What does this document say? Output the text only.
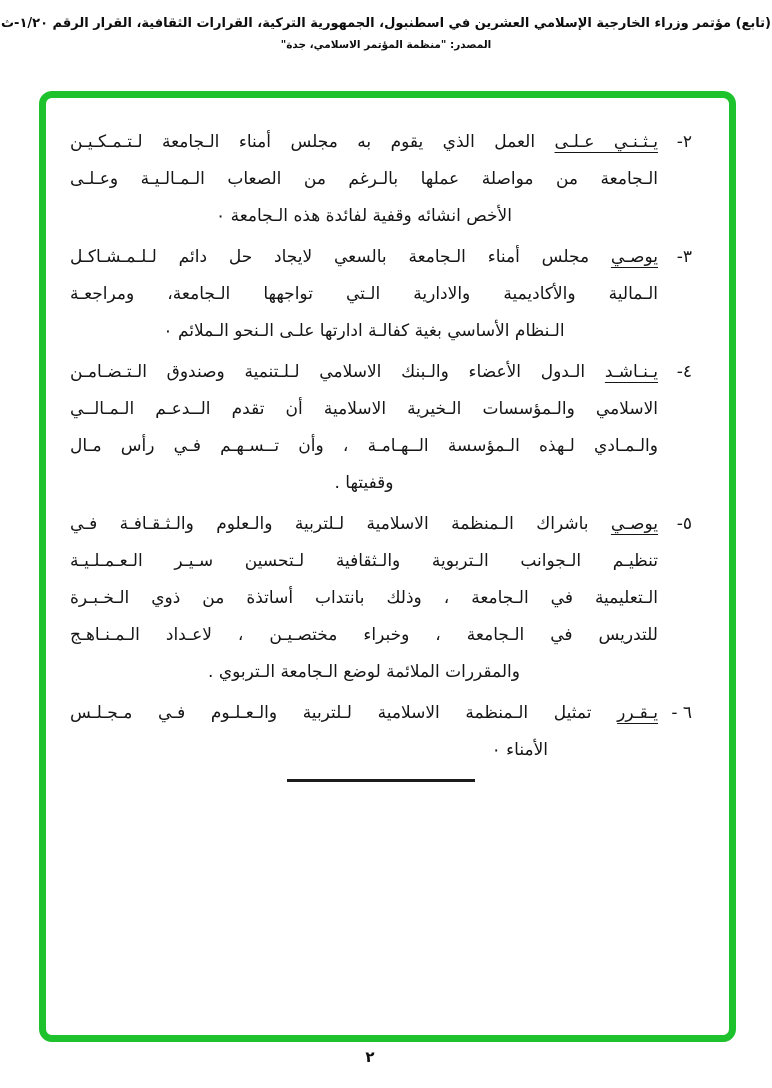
(تابع) مؤتمر وزراء الخارجية الإسلامي العشرين في اسطنبول، الجمهورية التركية، القرارات الثقافية، القرار الرقم ١/٢٠-ث
المصدر: "منظمة المؤتمر الاسلامي، جدة"
٢-
يـثـنـي عـلـى العمل الذي يقوم به مجلس أمناء الـجامعة لـتـمـكـيـن
الـجامعة من مواصلة عملها بالـرغم من الصعاب الـمـالـيـة وعـلـى
الأخص انشائه وقفية لفائدة هذه الـجامعة ٠
٣-
يوصـي مجلس أمناء الـجامعة بالسعي لايجاد حل دائم لـلـمـشـاكـل
الـمالية والأكاديمية والادارية الـتي تواجهها الـجامعة، ومراجعـة
الـنظام الأساسي بغية كفالـة ادارتها علـى الـنحو الـملائم ٠
٤-
يـنـاشـد الـدول الأعضاء والـبنك الاسلامي لـلـتنمية وصندوق الـتـضـامـن
الاسلامي والـمؤسسات الـخيرية الاسلامية أن تقدم الــدعـم الـمـالــي
والـمـادي لـهذه الـمؤسسة الــهـامـة ، وأن تــسـهـم فـي رأس مـال
وقفيتها .
٥-
يوصـي باشراك الـمنظمة الاسلامية لـلتربية والـعلوم والـثـقـافـة فـي
تنظيـم الـجوانب الـتربوية والـثقافية لـتحسين سـيـر الـعـمـلـيـة
الـتعليمية في الـجامعة ، وذلك بانتداب أساتذة من ذوي الـخـبـرة
للتدريس في الـجامعة ، وخبراء مختصـيـن ، لاعـداد الـمـنـاهـج
والمقررات الملائمة لوضع الـجامعة الـتربوي .
٦ -
يـقـرر تمثيل الـمنظمة الاسلامية لـلتربية والـعـلـوم فـي مـجـلـس
الأمناء ٠
٢
